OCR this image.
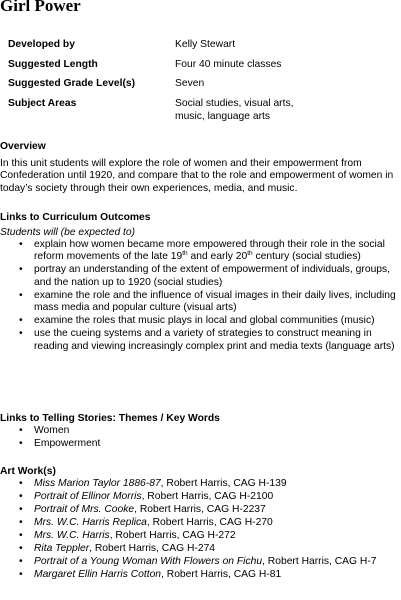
Girl Power
Developed by	Kelly Stewart
Suggested Length	Four 40 minute classes
Suggested Grade Level(s)	Seven
Subject Areas	Social studies, visual arts, music, language arts
Overview
In this unit students will explore the role of women and their empowerment from Confederation until 1920, and compare that to the role and empowerment of women in today’s society through their own experiences, media, and music.
Links to Curriculum Outcomes
Students will (be expected to)
• explain how women became more empowered through their role in the social reform movements of the late 19th and early 20th century (social studies)
• portray an understanding of the extent of empowerment of individuals, groups, and the nation up to 1920 (social studies)
• examine the role and the influence of visual images in their daily lives, including mass media and popular culture (visual arts)
• examine the roles that music plays in local and global communities (music)
• use the cueing systems and a variety of strategies to construct meaning in reading and viewing increasingly complex print and media texts (language arts)
Links to Telling Stories: Themes / Key Words
• Women
• Empowerment
Art Work(s)
• Miss Marion Taylor 1886-87, Robert Harris, CAG H-139
• Portrait of Ellinor Morris, Robert Harris, CAG H-2100
• Portrait of Mrs. Cooke, Robert Harris, CAG H-2237
• Mrs. W.C. Harris Replica, Robert Harris, CAG H-270
• Mrs. W.C. Harris, Robert Harris, CAG H-272
• Rita Teppler, Robert Harris, CAG H-274
• Portrait of a Young Woman With Flowers on Fichu, Robert Harris, CAG H-7
• Margaret Ellin Harris Cotton, Robert Harris, CAG H-81
